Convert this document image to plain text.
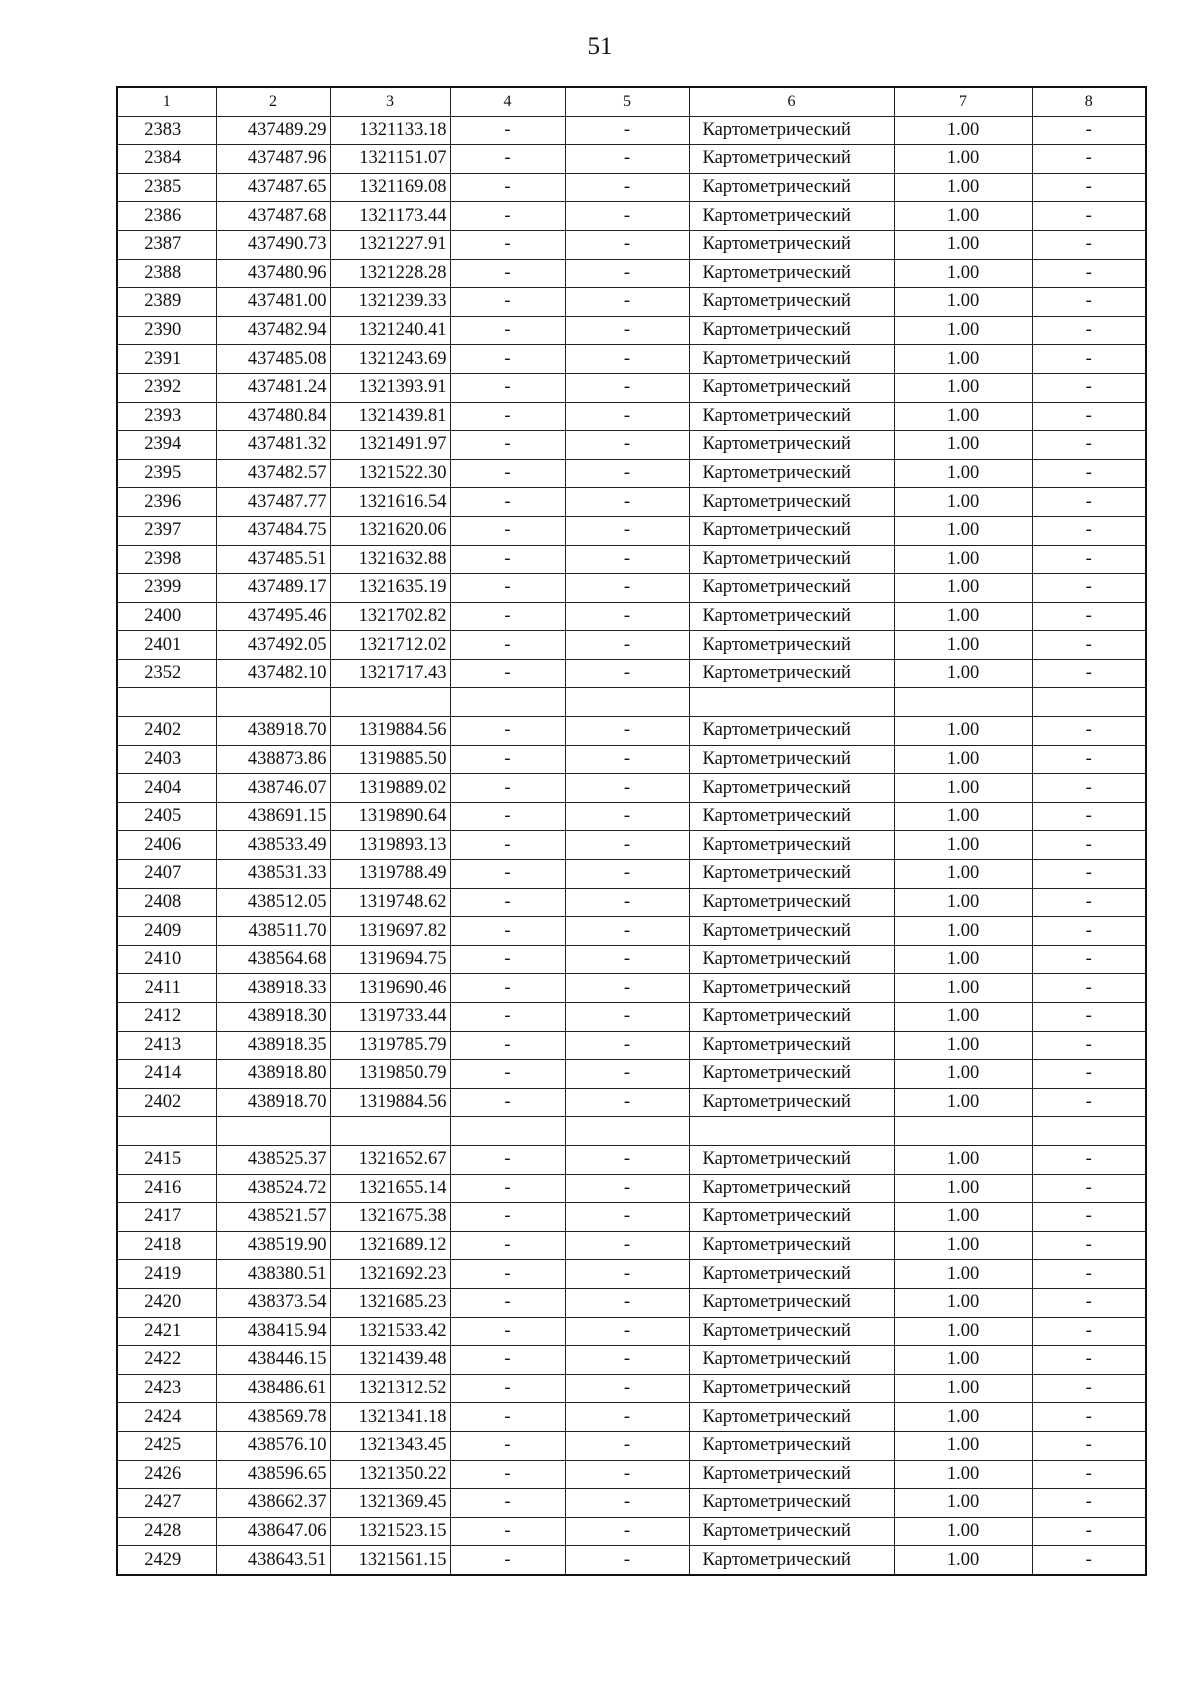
51
1	2	3	4	5	6	7	8
2383	437489.29	1321133.18	-	-	Картометрический	1.00	-
2384	437487.96	1321151.07	-	-	Картометрический	1.00	-
2385	437487.65	1321169.08	-	-	Картометрический	1.00	-
2386	437487.68	1321173.44	-	-	Картометрический	1.00	-
2387	437490.73	1321227.91	-	-	Картометрический	1.00	-
2388	437480.96	1321228.28	-	-	Картометрический	1.00	-
2389	437481.00	1321239.33	-	-	Картометрический	1.00	-
2390	437482.94	1321240.41	-	-	Картометрический	1.00	-
2391	437485.08	1321243.69	-	-	Картометрический	1.00	-
2392	437481.24	1321393.91	-	-	Картометрический	1.00	-
2393	437480.84	1321439.81	-	-	Картометрический	1.00	-
2394	437481.32	1321491.97	-	-	Картометрический	1.00	-
2395	437482.57	1321522.30	-	-	Картометрический	1.00	-
2396	437487.77	1321616.54	-	-	Картометрический	1.00	-
2397	437484.75	1321620.06	-	-	Картометрический	1.00	-
2398	437485.51	1321632.88	-	-	Картометрический	1.00	-
2399	437489.17	1321635.19	-	-	Картометрический	1.00	-
2400	437495.46	1321702.82	-	-	Картометрический	1.00	-
2401	437492.05	1321712.02	-	-	Картометрический	1.00	-
2352	437482.10	1321717.43	-	-	Картометрический	1.00	-

2402	438918.70	1319884.56	-	-	Картометрический	1.00	-
2403	438873.86	1319885.50	-	-	Картометрический	1.00	-
2404	438746.07	1319889.02	-	-	Картометрический	1.00	-
2405	438691.15	1319890.64	-	-	Картометрический	1.00	-
2406	438533.49	1319893.13	-	-	Картометрический	1.00	-
2407	438531.33	1319788.49	-	-	Картометрический	1.00	-
2408	438512.05	1319748.62	-	-	Картометрический	1.00	-
2409	438511.70	1319697.82	-	-	Картометрический	1.00	-
2410	438564.68	1319694.75	-	-	Картометрический	1.00	-
2411	438918.33	1319690.46	-	-	Картометрический	1.00	-
2412	438918.30	1319733.44	-	-	Картометрический	1.00	-
2413	438918.35	1319785.79	-	-	Картометрический	1.00	-
2414	438918.80	1319850.79	-	-	Картометрический	1.00	-
2402	438918.70	1319884.56	-	-	Картометрический	1.00	-

2415	438525.37	1321652.67	-	-	Картометрический	1.00	-
2416	438524.72	1321655.14	-	-	Картометрический	1.00	-
2417	438521.57	1321675.38	-	-	Картометрический	1.00	-
2418	438519.90	1321689.12	-	-	Картометрический	1.00	-
2419	438380.51	1321692.23	-	-	Картометрический	1.00	-
2420	438373.54	1321685.23	-	-	Картометрический	1.00	-
2421	438415.94	1321533.42	-	-	Картометрический	1.00	-
2422	438446.15	1321439.48	-	-	Картометрический	1.00	-
2423	438486.61	1321312.52	-	-	Картометрический	1.00	-
2424	438569.78	1321341.18	-	-	Картометрический	1.00	-
2425	438576.10	1321343.45	-	-	Картометрический	1.00	-
2426	438596.65	1321350.22	-	-	Картометрический	1.00	-
2427	438662.37	1321369.45	-	-	Картометрический	1.00	-
2428	438647.06	1321523.15	-	-	Картометрический	1.00	-
2429	438643.51	1321561.15	-	-	Картометрический	1.00	-
